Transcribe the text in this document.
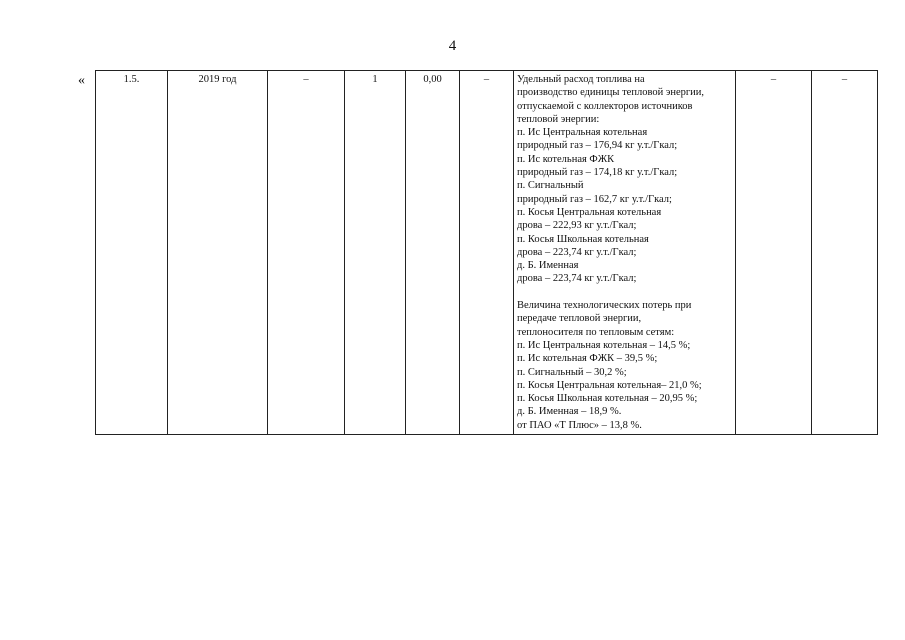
4
«	1.5.	2019 год	–	1	0,00	–	Удельный расход топлива на
производство единицы тепловой энергии,
отпускаемой с коллекторов источников
тепловой энергии:
п. Ис Центральная котельная
природный газ – 176,94 кг у.т./Гкал;
п. Ис котельная ФЖК
природный газ – 174,18 кг у.т./Гкал;
п. Сигнальный
природный газ – 162,7 кг у.т./Гкал;
п. Косья Центральная котельная
дрова – 222,93 кг у.т./Гкал;
п. Косья Школьная котельная
дрова – 223,74 кг у.т./Гкал;
д. Б. Именная
дрова – 223,74 кг у.т./Гкал;
Величина технологических потерь при
передаче тепловой энергии,
теплоносителя по тепловым сетям:
п. Ис Центральная котельная – 14,5 %;
п. Ис котельная ФЖК – 39,5 %;
п. Сигнальный – 30,2 %;
п. Косья Центральная котельная– 21,0 %;
п. Косья Школьная котельная – 20,95 %;
д. Б. Именная – 18,9 %.
от ПАО «Т Плюс» – 13,8 %.
	–	–
